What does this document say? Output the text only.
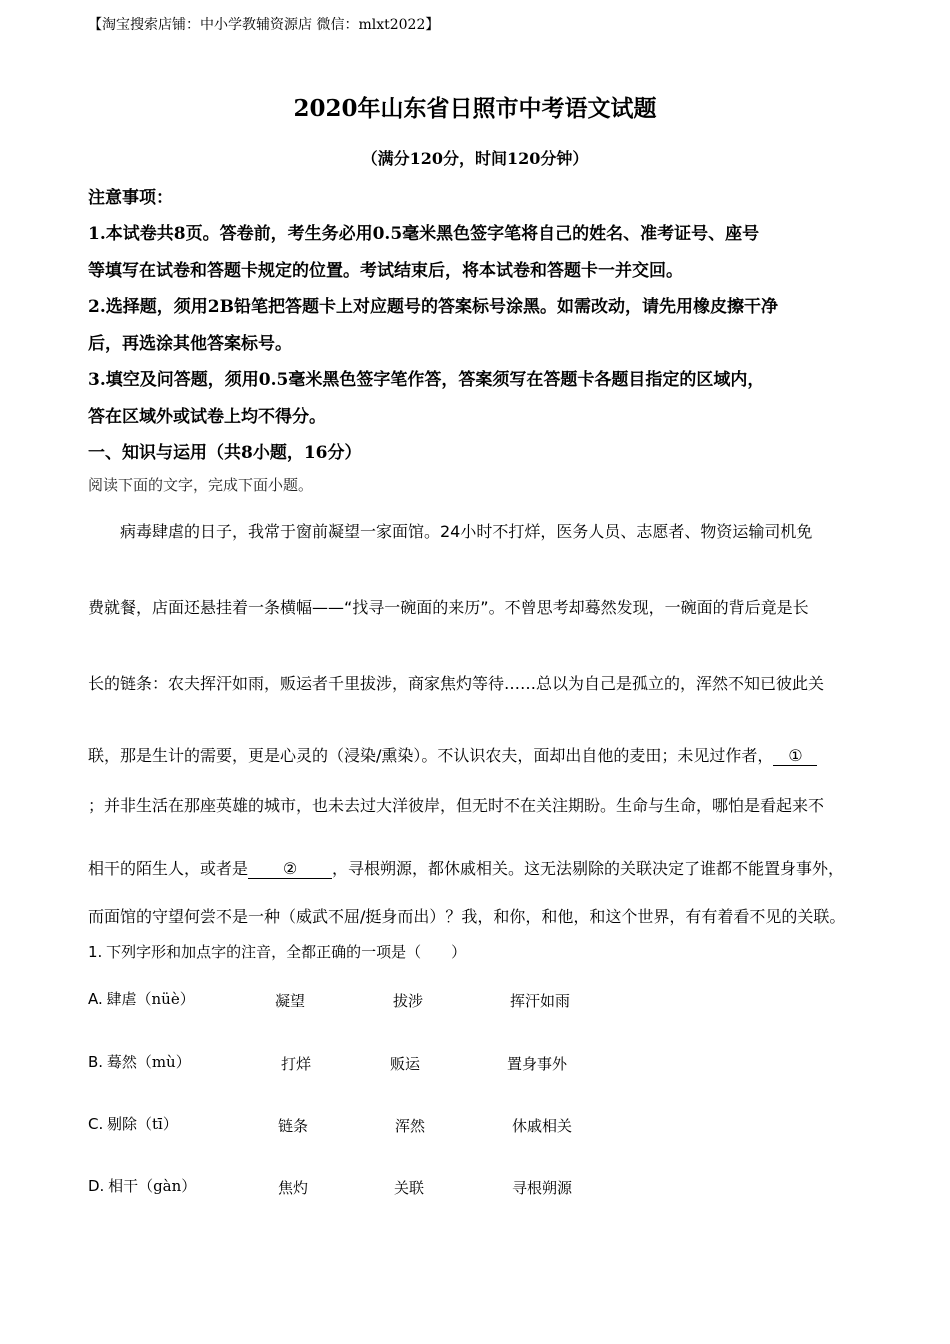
【淘宝搜索店铺：中小学教辅资源店 微信：mlxt2022】
2020年山东省日照市中考语文试题
（满分120分，时间120分钟）
注意事项：
1.本试卷共8页。答卷前，考生务必用0.5毫米黑色签字笔将自己的姓名、准考证号、座号
等填写在试卷和答题卡规定的位置。考试结束后，将本试卷和答题卡一并交回。
2.选择题，须用2B铅笔把答题卡上对应题号的答案标号涂黑。如需改动，请先用橡皮擦干净
后，再选涂其他答案标号。
3.填空及问答题，须用0.5毫米黑色签字笔作答，答案须写在答题卡各题目指定的区域内，
答在区域外或试卷上均不得分。
一、知识与运用（共8小题，16分）
阅读下面的文字，完成下面小题。
　　病毒肆虐的日子，我常于窗前凝望一家面馆。24小时不打烊，医务人员、志愿者、物资运输司机免
费就餐，店面还悬挂着一条横幅——“找寻一碗面的来历”。不曾思考却蓦然发现，一碗面的背后竟是长
长的链条：农夫挥汗如雨，贩运者千里拔涉，商家焦灼等待……总以为自己是孤立的，浑然不知已彼此关
联，那是生计的需要，更是心灵的（浸染/熏染）。不认识农夫，面却出自他的麦田；未见过作者， ①
；并非生活在那座英雄的城市，也未去过大洋彼岸，但无时不在关注期盼。生命与生命，哪怕是看起来不
相干的陌生人，或者是 ② ，寻根朔源，都休戚相关。这无法剔除的关联决定了谁都不能置身事外，
而面馆的守望何尝不是一种（威武不屈/挺身而出）？我，和你，和他，和这个世界，有有着看不见的关联。
1. 下列字形和加点字的注音，全都正确的一项是（　　）
A. 肆虐（nüè）	凝望	拔涉	挥汗如雨
B. 蓦然（mù）	打烊	贩运	置身事外
C. 剔除（tī）	链条	浑然	休戚相关
D. 相干（gàn）	焦灼	关联	寻根朔源
